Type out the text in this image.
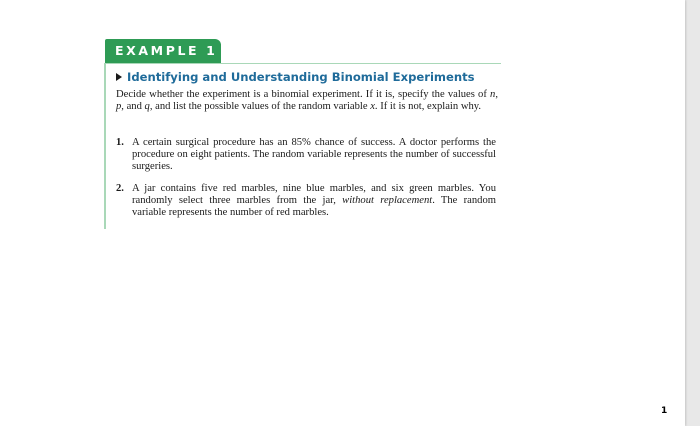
EXAMPLE 1
Identifying and Understanding Binomial Experiments
Decide whether the experiment is a binomial experiment. If it is, specify the values of n, p, and q, and list the possible values of the random variable x. If it is not, explain why.
1. A certain surgical procedure has an 85% chance of success. A doctor performs the procedure on eight patients. The random variable represents the number of successful surgeries.
2. A jar contains five red marbles, nine blue marbles, and six green marbles. You randomly select three marbles from the jar, without replacement. The random variable represents the number of red marbles.
1
